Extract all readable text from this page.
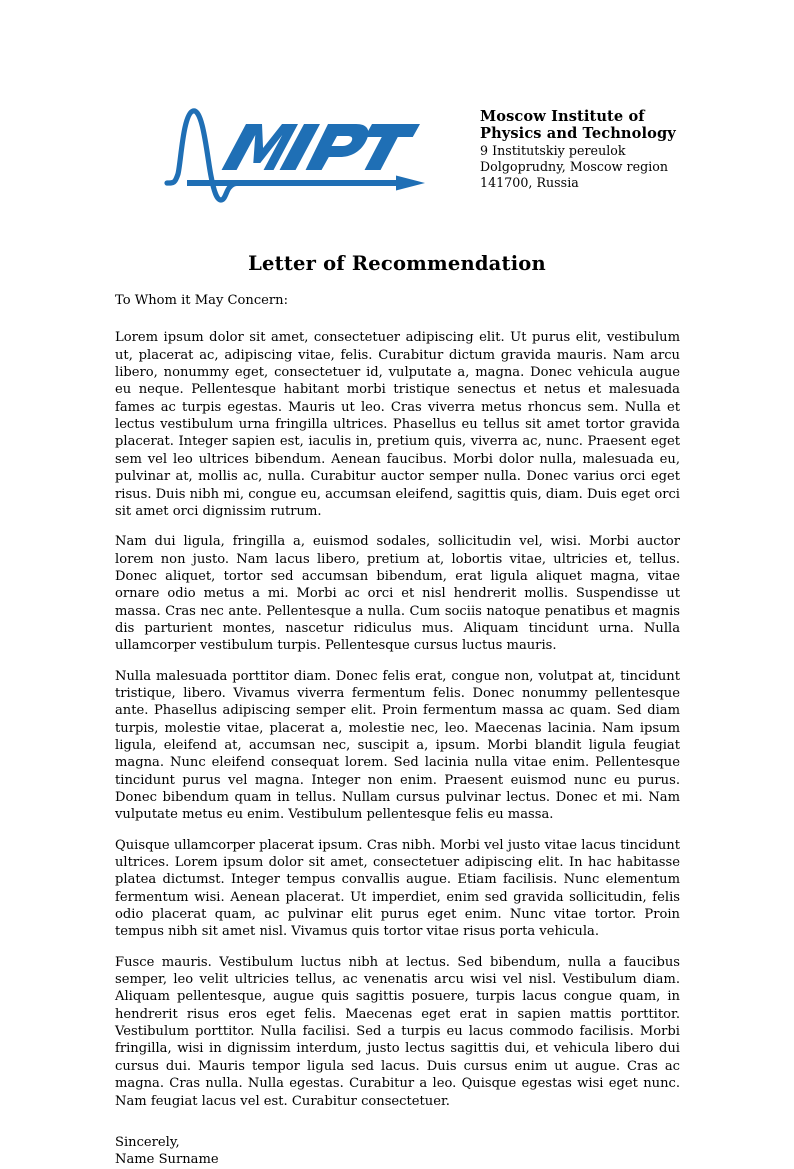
Moscow Institute of
Physics and Technology
9 Institutskiy pereulok
Dolgoprudny, Moscow region
141700, Russia
Letter of Recommendation
To Whom it May Concern:

Lorem ipsum dolor sit amet, consectetuer adipiscing elit. Ut purus elit, vestibulum ut, placerat ac, adipiscing vitae, felis. Curabitur dictum gravida mauris. Nam arcu libero, nonummy eget, consectetuer id, vulputate a, magna. Donec vehicula augue eu neque. Pellentesque habitant morbi tristique senectus et netus et malesuada fames ac turpis egestas. Mauris ut leo. Cras viverra metus rhoncus sem. Nulla et lectus vestibulum urna fringilla ultrices. Phasellus eu tellus sit amet tortor gravida placerat. Integer sapien est, iaculis in, pretium quis, viverra ac, nunc. Praesent eget sem vel leo ultrices bibendum. Aenean faucibus. Morbi dolor nulla, malesuada eu, pulvinar at, mollis ac, nulla. Curabitur auctor semper nulla. Donec varius orci eget risus. Duis nibh mi, congue eu, accumsan eleifend, sagittis quis, diam. Duis eget orci sit amet orci dignissim rutrum.

Nam dui ligula, fringilla a, euismod sodales, sollicitudin vel, wisi. Morbi auctor lorem non justo. Nam lacus libero, pretium at, lobortis vitae, ultricies et, tellus. Donec aliquet, tortor sed accumsan bibendum, erat ligula aliquet magna, vitae ornare odio metus a mi. Morbi ac orci et nisl hendrerit mollis. Suspendisse ut massa. Cras nec ante. Pellentesque a nulla. Cum sociis natoque penatibus et magnis dis parturient montes, nascetur ridiculus mus. Aliquam tincidunt urna. Nulla ullamcorper vestibulum turpis. Pellentesque cursus luctus mauris.

Nulla malesuada porttitor diam. Donec felis erat, congue non, volutpat at, tincidunt tristique, libero. Vivamus viverra fermentum felis. Donec nonummy pellentesque ante. Phasellus adipiscing semper elit. Proin fermentum massa ac quam. Sed diam turpis, molestie vitae, placerat a, molestie nec, leo. Maecenas lacinia. Nam ipsum ligula, eleifend at, accumsan nec, suscipit a, ipsum. Morbi blandit ligula feugiat magna. Nunc eleifend consequat lorem. Sed lacinia nulla vitae enim. Pellentesque tincidunt purus vel magna. Integer non enim. Praesent euismod nunc eu purus. Donec bibendum quam in tellus. Nullam cursus pulvinar lectus. Donec et mi. Nam vulputate metus eu enim. Vestibulum pellentesque felis eu massa.

Quisque ullamcorper placerat ipsum. Cras nibh. Morbi vel justo vitae lacus tincidunt ultrices. Lorem ipsum dolor sit amet, consectetuer adipiscing elit. In hac habitasse platea dictumst. Integer tempus convallis augue. Etiam facilisis. Nunc elementum fermentum wisi. Aenean placerat. Ut imperdiet, enim sed gravida sollicitudin, felis odio placerat quam, ac pulvinar elit purus eget enim. Nunc vitae tortor. Proin tempus nibh sit amet nisl. Vivamus quis tortor vitae risus porta vehicula.

Fusce mauris. Vestibulum luctus nibh at lectus. Sed bibendum, nulla a faucibus semper, leo velit ultricies tellus, ac venenatis arcu wisi vel nisl. Vestibulum diam. Aliquam pellentesque, augue quis sagittis posuere, turpis lacus congue quam, in hendrerit risus eros eget felis. Maecenas eget erat in sapien mattis porttitor. Vestibulum porttitor. Nulla facilisi. Sed a turpis eu lacus commodo facilisis. Morbi fringilla, wisi in dignissim interdum, justo lectus sagittis dui, et vehicula libero dui cursus dui. Mauris tempor ligula sed lacus. Duis cursus enim ut augue. Cras ac magna. Cras nulla. Nulla egestas. Curabitur a leo. Quisque egestas wisi eget nunc. Nam feugiat lacus vel est. Curabitur consectetuer.

Sincerely,
Name Surname
